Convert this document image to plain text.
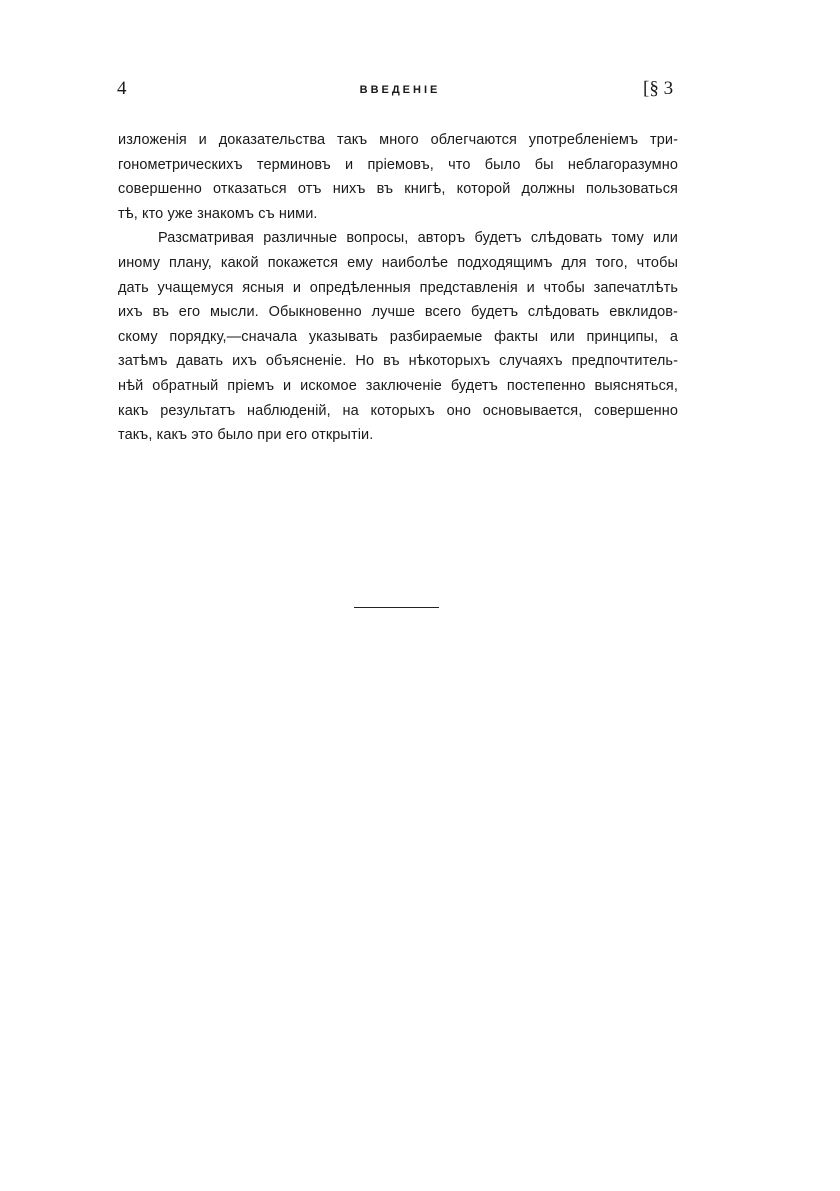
4	ВВЕДЕНІЕ	[§ 3
изложенія и доказательства такъ много облегчаются употребленіемъ три-
гонометрическихъ терминовъ и пріемовъ, что было бы неблагоразумно
совершенно отказаться отъ нихъ въ книгѣ, которой должны пользоваться
тѣ, кто уже знакомъ съ ними.
Разсматривая различные вопросы, авторъ будетъ слѣдовать тому или
иному плану, какой покажется ему наиболѣе подходящимъ для того, чтобы
дать учащемуся ясныя и опредѣленныя представленія и чтобы запечатлѣть
ихъ въ его мысли. Обыкновенно лучше всего будетъ слѣдовать евклидов-
скому порядку,—сначала указывать разбираемые факты или принципы, а
затѣмъ давать ихъ объясненіе. Но въ нѣкоторыхъ случаяхъ предпочтитель-
нѣй обратный пріемъ и искомое заключеніе будетъ постепенно выясняться,
какъ результатъ наблюденій, на которыхъ оно основывается, совершенно
такъ, какъ это было при его открытіи.
